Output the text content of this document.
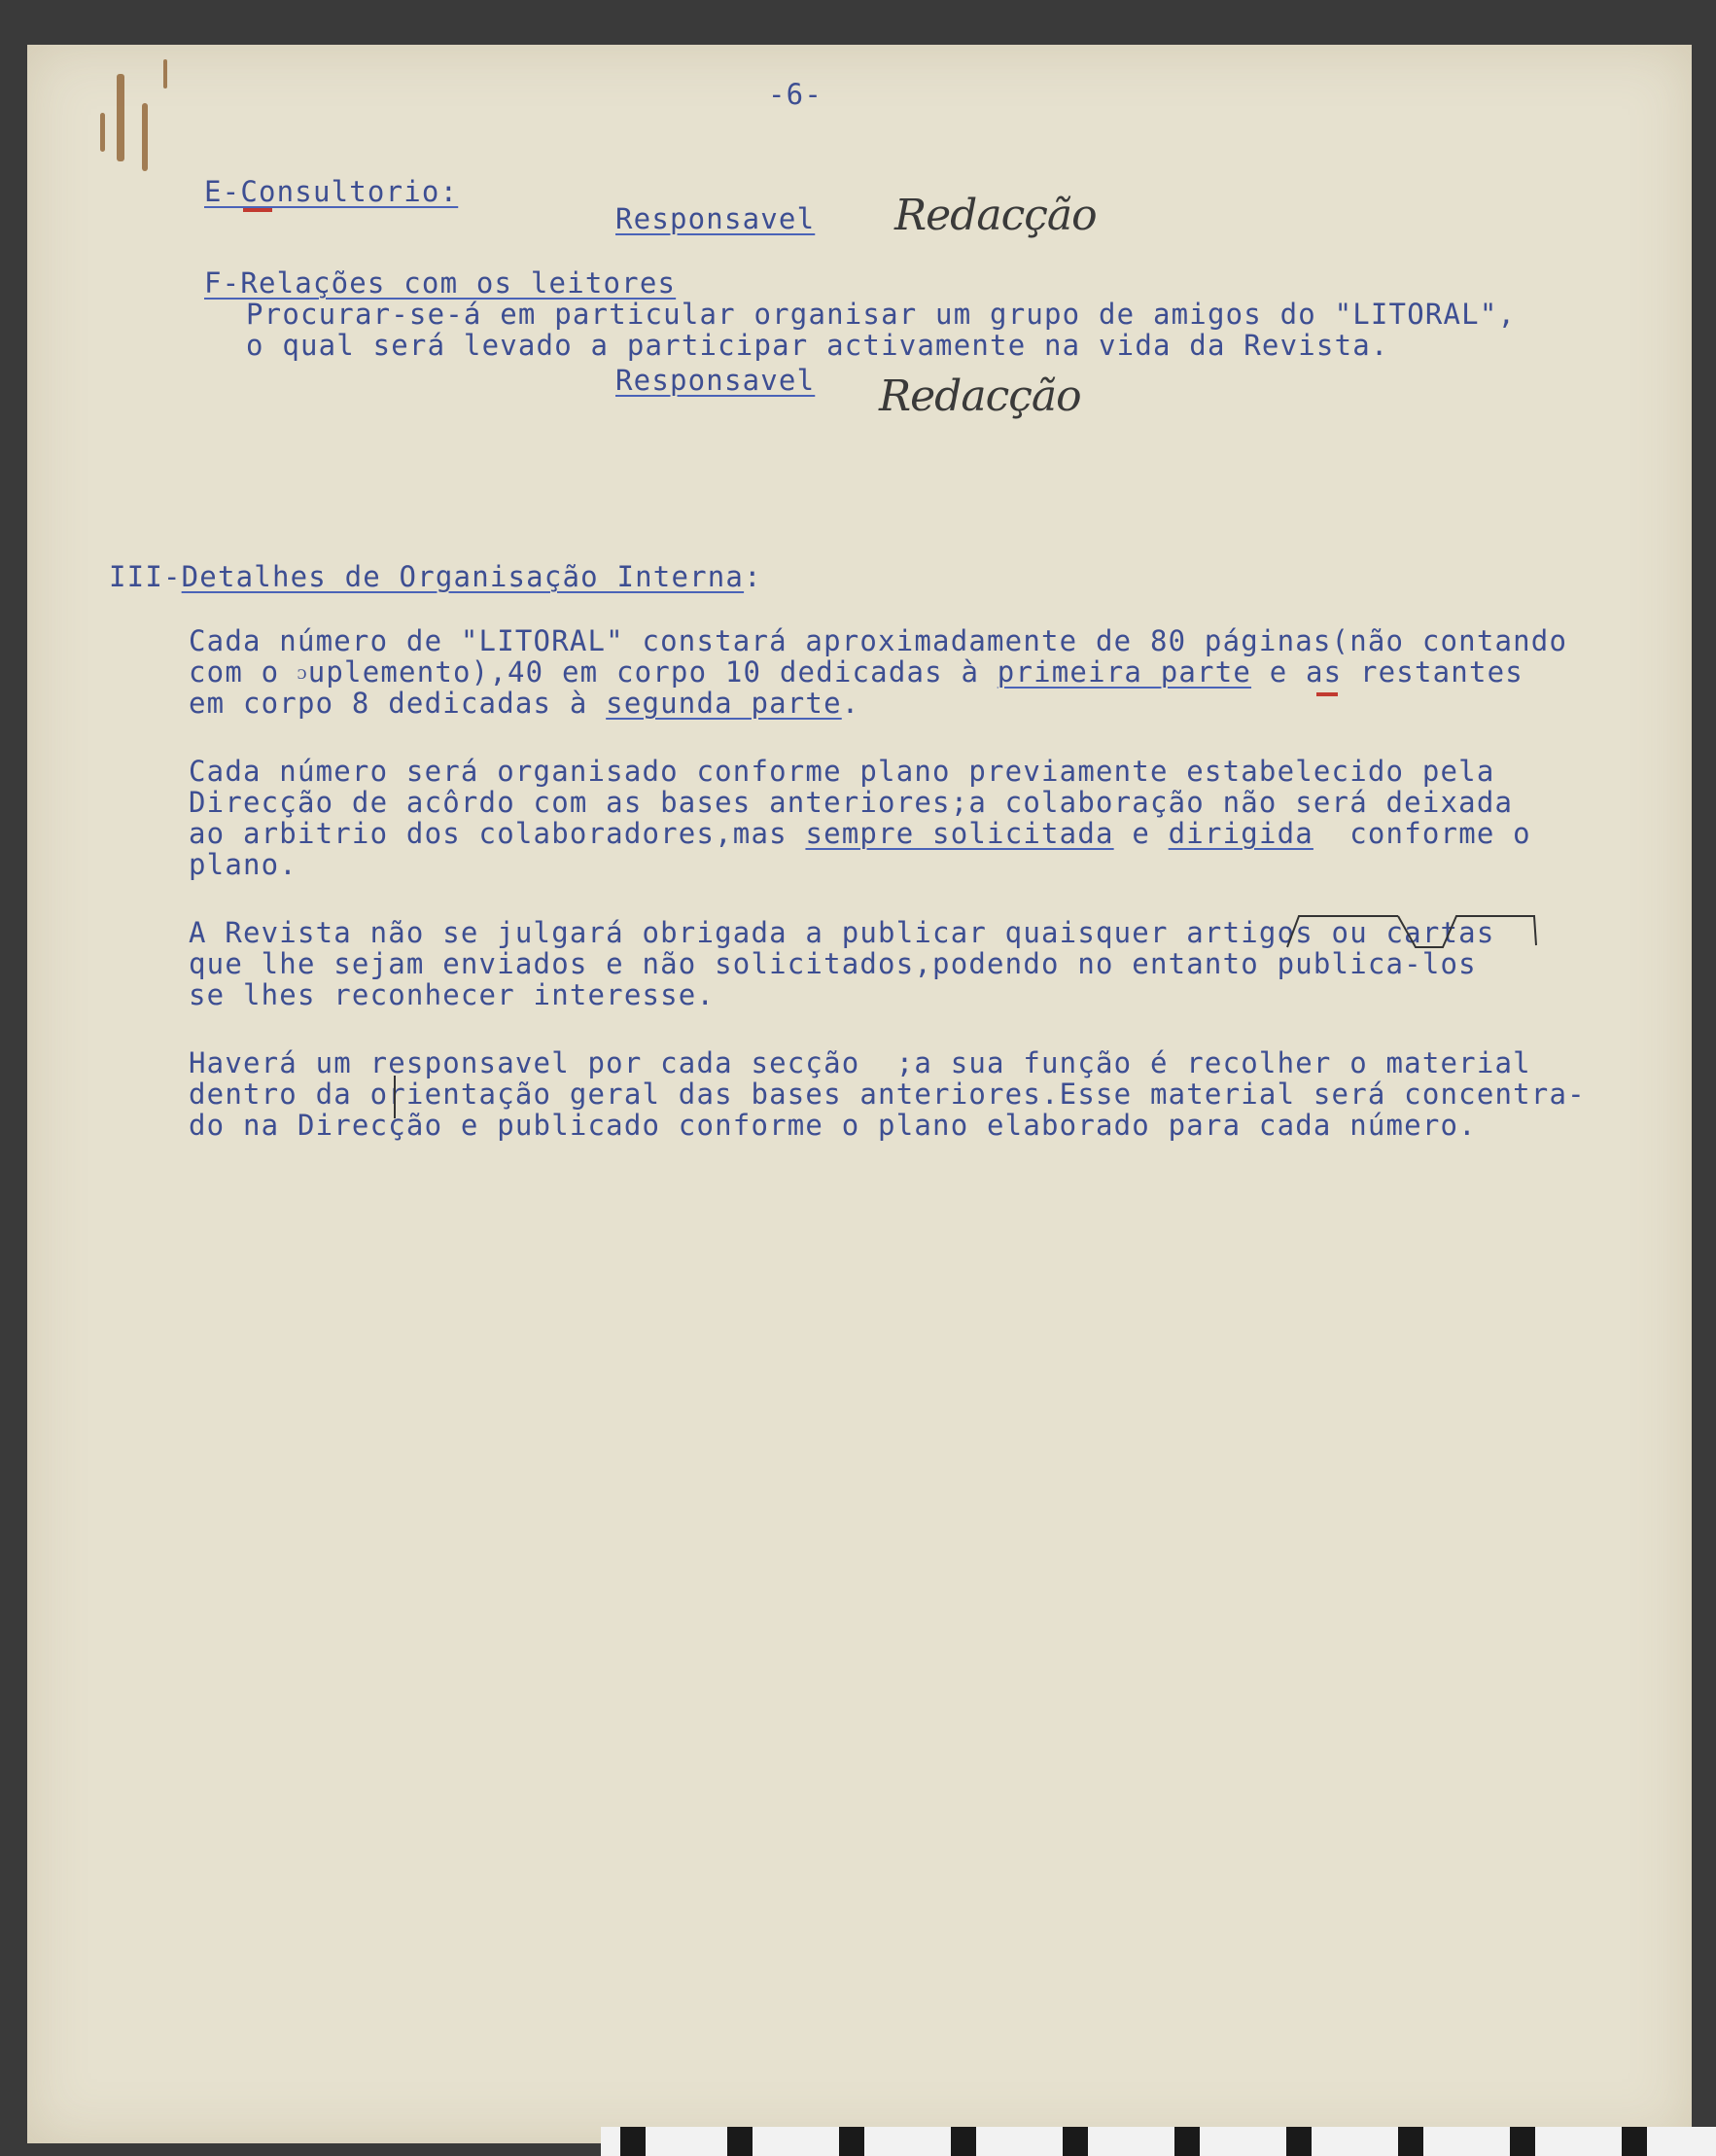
-6-
E-Consultorio:
Responsavel Redacção
F-Relações com os leitores
Procurar-se-á em particular organisar um grupo de amigos do "LITORAL",
o qual será levado a participar activamente na vida da Revista.
Responsavel Redacção
III-Detalhes de Organisação Interna:
Cada número de "LITORAL" constará aproximadamente de 80 páginas(não contando
com o $^ᴐ$uplemento),40 em corpo 10 dedicadas à primeira parte e as restantes
em corpo 8 dedicadas à segunda parte.
Cada número será organisado conforme plano previamente estabelecido pela
Direcção de acôrdo com as bases anteriores;a colaboração não será deixada
ao arbitrio dos colaboradores,mas sempre solicitada e dirigida  conforme o
plano.
A Revista não se julgará obrigada a publicar quaisquer artigos ou cartas
que lhe sejam enviados e não solicitados,podendo no entanto publica-los
se lhes reconhecer interesse.
Haverá um responsavel por cada secção  ;a sua função é recolher o material
dentro da orientação geral das bases anteriores.Esse material será concentra-
do na Direcção e publicado conforme o plano elaborado para cada número.
